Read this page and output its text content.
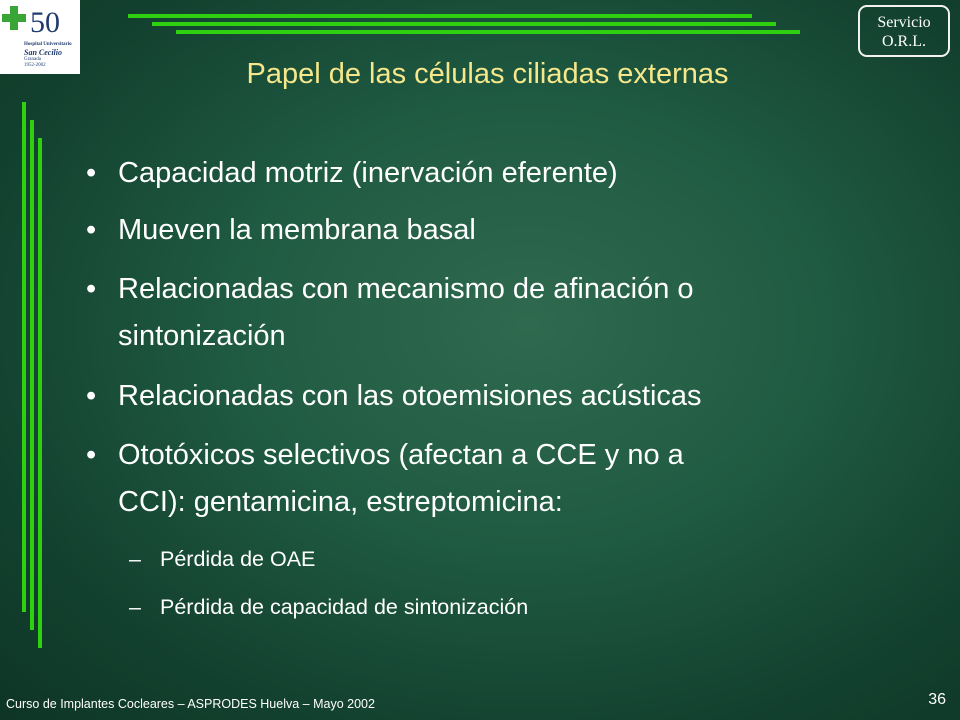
50
Hospital Universitario
San Cecilio
Granada
1952-2002
Servicio
O.R.L.
Papel de las células ciliadas externas
• Capacidad motriz (inervación eferente)
• Mueven la membrana basal
• Relacionadas con mecanismo de afinación o
sintonización
• Relacionadas con las otoemisiones acústicas
• Ototóxicos selectivos (afectan a CCE y no a
CCI): gentamicina, estreptomicina:
– Pérdida de OAE
– Pérdida de capacidad de sintonización
Curso de Implantes Cocleares – ASPRODES Huelva – Mayo 2002	36
